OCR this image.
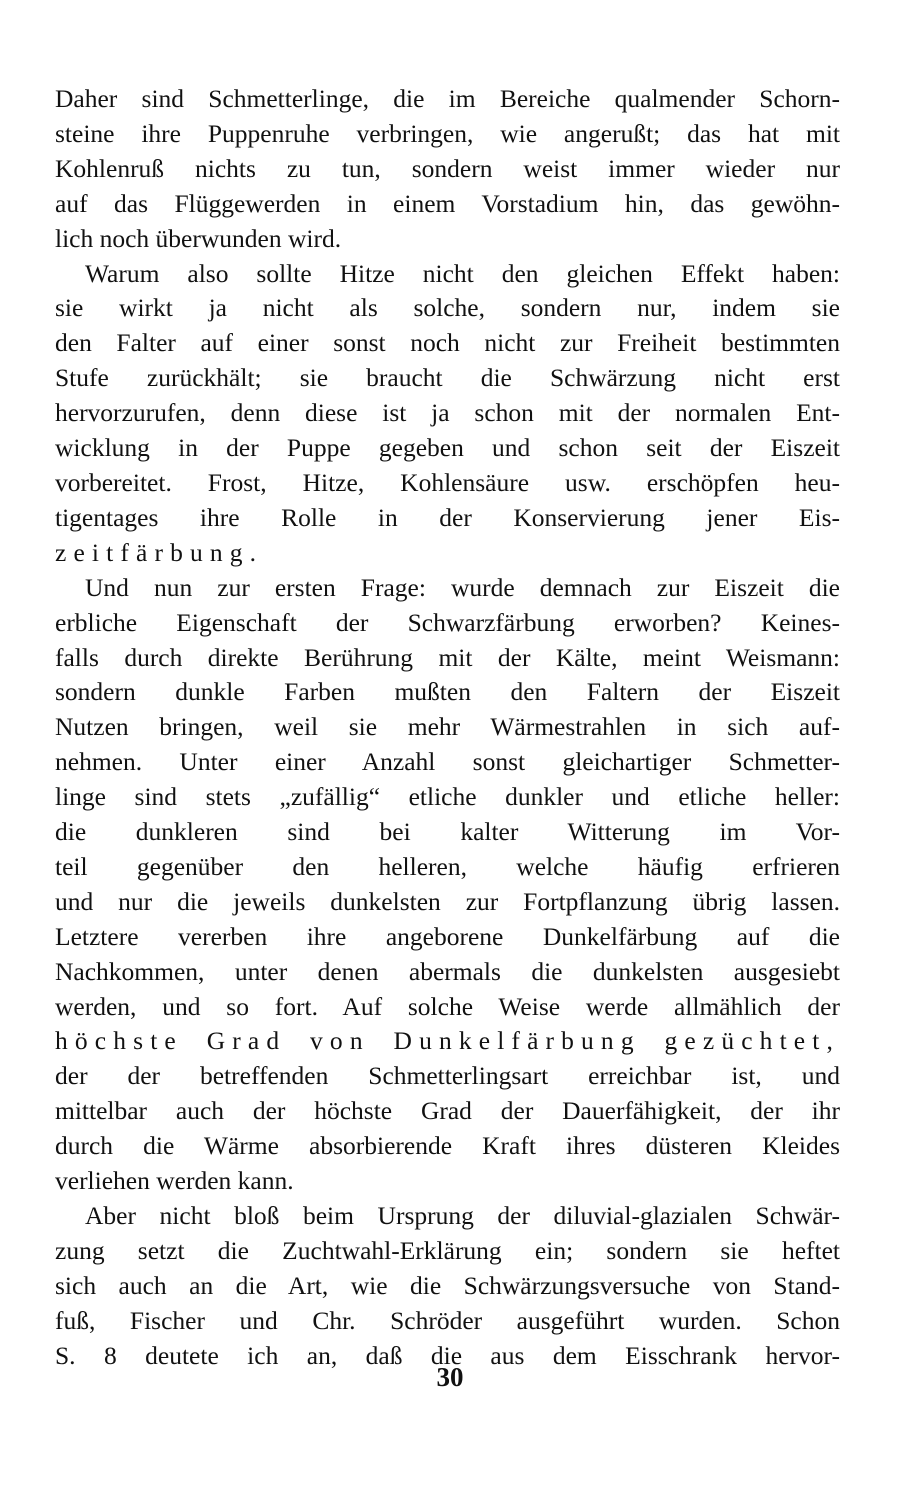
Daher sind Schmetterlinge, die im Bereiche qualmender Schorn-
steine ihre Puppenruhe verbringen, wie angerußt; das hat mit
Kohlenruß nichts zu tun, sondern weist immer wieder nur
auf das Flüggewerden in einem Vorstadium hin, das gewöhn-
lich noch überwunden wird.
Warum also sollte Hitze nicht den gleichen Effekt haben:
sie wirkt ja nicht als solche, sondern nur, indem sie
den Falter auf einer sonst noch nicht zur Freiheit bestimmten
Stufe zurückhält; sie braucht die Schwärzung nicht erst
hervorzurufen, denn diese ist ja schon mit der normalen Ent-
wicklung in der Puppe gegeben und schon seit der Eiszeit
vorbereitet. Frost, Hitze, Kohlensäure usw. erschöpfen heu-
tigentages ihre Rolle in der Konservierung jener Eis-
zeitfärbung.
Und nun zur ersten Frage: wurde demnach zur Eiszeit die
erbliche Eigenschaft der Schwarzfärbung erworben? Keines-
falls durch direkte Berührung mit der Kälte, meint Weismann:
sondern dunkle Farben mußten den Faltern der Eiszeit
Nutzen bringen, weil sie mehr Wärmestrahlen in sich auf-
nehmen. Unter einer Anzahl sonst gleichartiger Schmetter-
linge sind stets „zufällig“ etliche dunkler und etliche heller:
die dunkleren sind bei kalter Witterung im Vor-
teil gegenüber den helleren, welche häufig erfrieren
und nur die jeweils dunkelsten zur Fortpflanzung übrig lassen.
Letztere vererben ihre angeborene Dunkelfärbung auf die
Nachkommen, unter denen abermals die dunkelsten ausgesiebt
werden, und so fort. Auf solche Weise werde allmählich der
höchste Grad von Dunkelfärbung gezüchtet,
der der betreffenden Schmetterlingsart erreichbar ist, und
mittelbar auch der höchste Grad der Dauerfähigkeit, der ihr
durch die Wärme absorbierende Kraft ihres düsteren Kleides
verliehen werden kann.
Aber nicht bloß beim Ursprung der diluvial-glazialen Schwär-
zung setzt die Zuchtwahl-Erklärung ein; sondern sie heftet
sich auch an die Art, wie die Schwärzungsversuche von Stand-
fuß, Fischer und Chr. Schröder ausgeführt wurden. Schon
S. 8 deutete ich an, daß die aus dem Eisschrank hervor-
30
